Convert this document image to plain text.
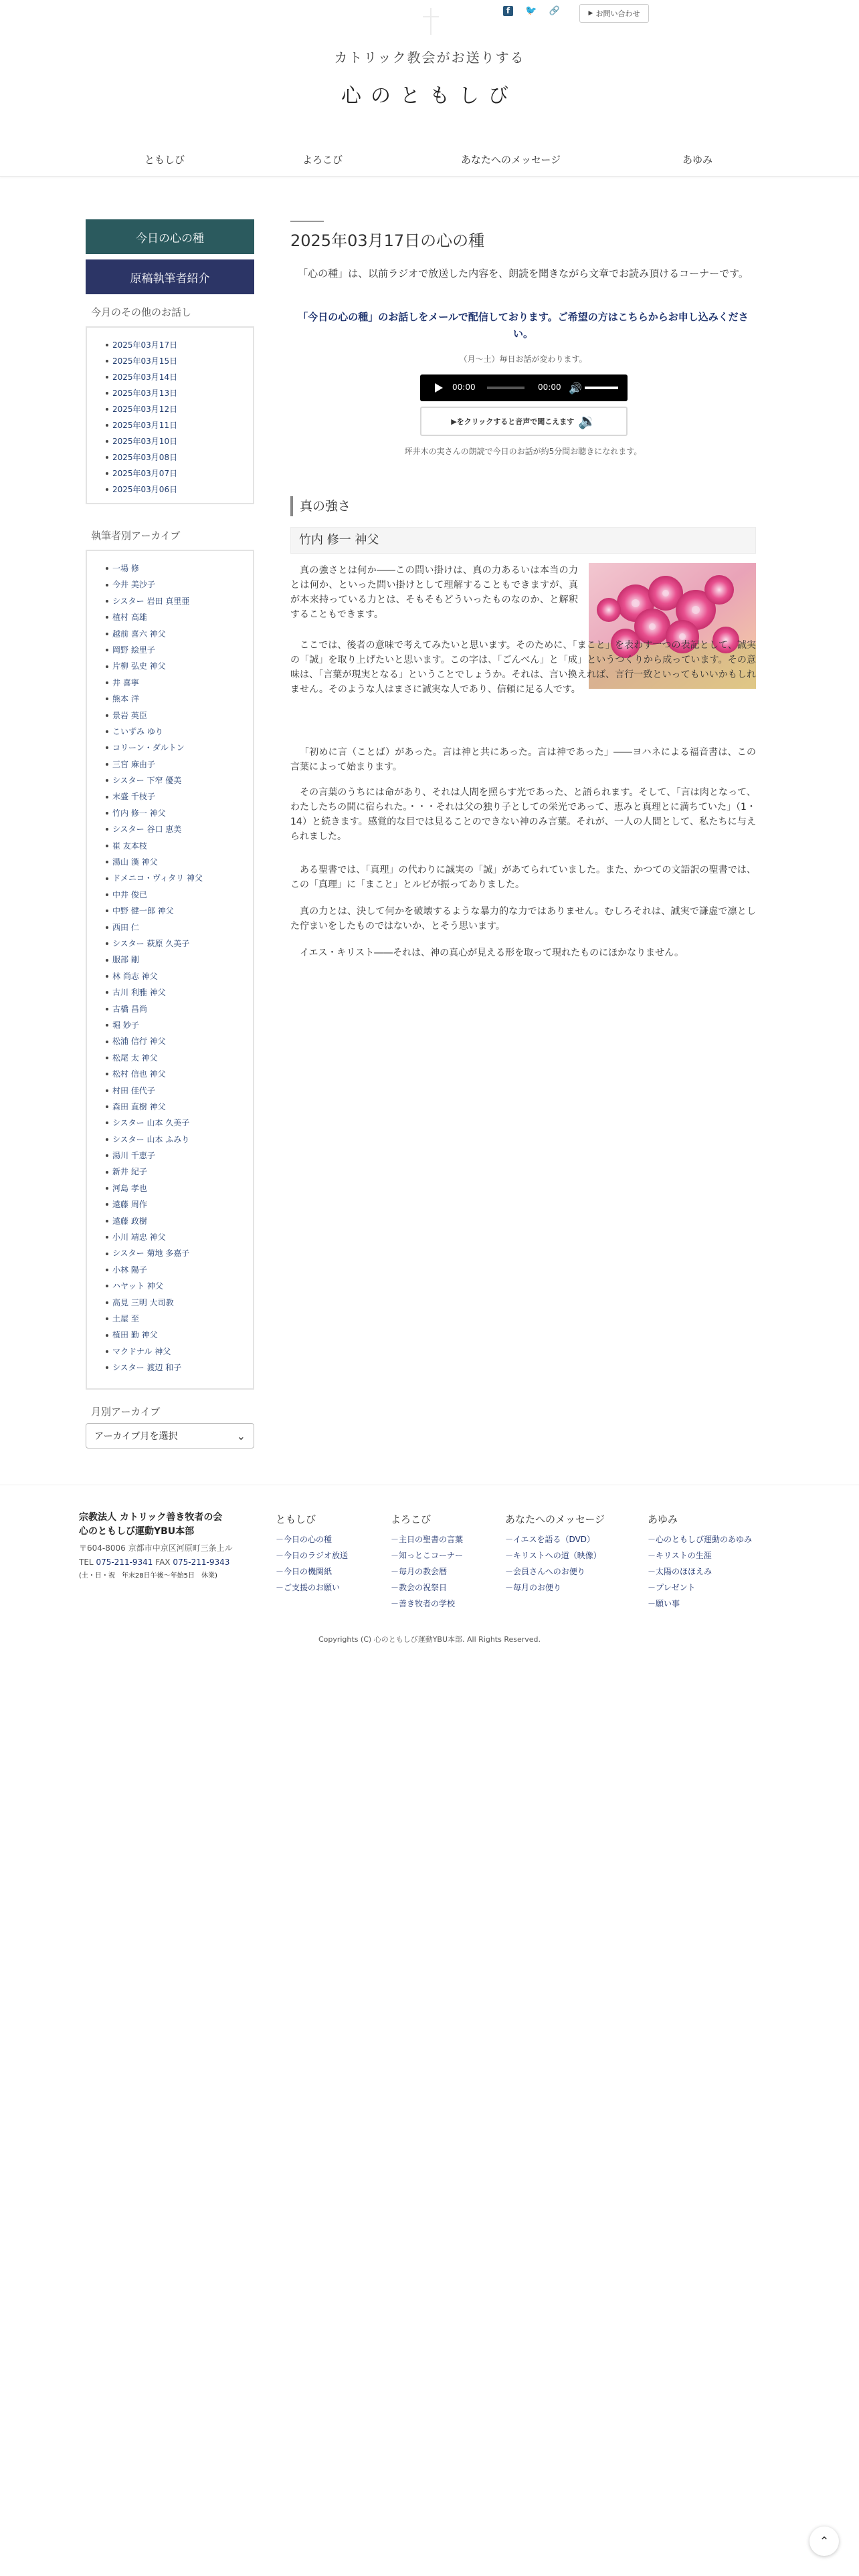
f	🐦 🔗	▶ お問い合わせ
カトリック教会がお送りする
心のともしび
ともしび	よろこび	あなたへのメッセージ	あゆみ
今日の心の種
原稿執筆者紹介
今月のその他のお話し
2025年03月17日
2025年03月15日
2025年03月14日
2025年03月13日
2025年03月12日
2025年03月11日
2025年03月10日
2025年03月08日
2025年03月07日
2025年03月06日
執筆者別アーカイブ
一場 修
今井 美沙子
シスター 岩田 真里亜
植村 高雄
越前 喜六 神父
岡野 絵里子
片柳 弘史 神父
井 喜寧
熊本 洋
景岩 英臣
こいずみ ゆり
コリーン・ダルトン
三宮 麻由子
シスター 下窄 優美
末盛 千枝子
竹内 修一 神父
シスター 谷口 恵美
崔 友本枝
湯山 漢 神父
ドメニコ・ヴィタリ 神父
中井 俊已
中野 健一郎 神父
西田 仁
シスター 萩原 久美子
服部 剛
林 尚志 神父
古川 利雅 神父
古橋 昌尚
堀 妙子
松浦 信行 神父
松尾 太 神父
松村 信也 神父
村田 佳代子
森田 直樹 神父
シスター 山本 久美子
シスター 山本 ふみり
湯川 千恵子
新井 紀子
河島 孝也
遠藤 周作
遠藤 政樹
小川 靖忠 神父
シスター 菊地 多嘉子
小林 陽子
ハヤット 神父
高見 三明 大司教
土屋 至
植田 勤 神父
マクドナル 神父
シスター 渡辺 和子
月別アーカイブ
アーカイブ月を選択	⌄
2025年03月17日の心の種
「心の種」は、以前ラジオで放送した内容を、朗読を聞きながら文章でお読み頂けるコーナーです。
「今日の心の種」のお話しをメールで配信しております。ご希望の方はこちらからお申し込みください。
（月〜土）毎日お話が変わります。
00:00	00:00 🔊
▶をクリックすると音声で聞こえます 🔉
坪井木の実さんの朗読で今日のお話が約5分間お聴きになれます。
真の強さ
竹内 修一 神父
真の強さとは何か――この問い掛けは、真の力あるいは本当の力とは何か、といった問い掛けとして理解することもできますが、真が本来持っている力とは、そもそもどういったものなのか、と解釈することもできます。
ここでは、後者の意味で考えてみたいと思います。そのために、「まこと」を表わす一つの表記として、誠実の「誠」を取り上げたいと思います。この字は、「ごんべん」と「成」というつくりから成っています。その意味は、「言葉が現実となる」ということでしょうか。それは、言い換えれば、言行一致といってもいいかもしれません。そのような人はまさに誠実な人であり、信頼に足る人です。
「初めに言（ことば）があった。言は神と共にあった。言は神であった」――ヨハネによる福音書は、この言葉によって始まります。
その言葉のうちには命があり、それは人間を照らす光であった、と語られます。そして、「言は肉となって、わたしたちの間に宿られた。・・・それは父の独り子としての栄光であって、恵みと真理とに満ちていた」（1・14）と続きます。感覚的な目では見ることのできない神のみ言葉。それが、一人の人間として、私たちに与えられました。
ある聖書では、「真理」の代わりに誠実の「誠」があてられていました。また、かつての文語訳の聖書では、この「真理」に「まこと」とルビが振ってありました。
真の力とは、決して何かを破壊するような暴力的な力ではありません。むしろそれは、誠実で謙虚で凛とした佇まいをしたものではないか、とそう思います。
イエス・キリスト――それは、神の真心が見える形を取って現れたものにほかなりません。
宗教法人 カトリック善き牧者の会
心のともしび運動YBU本部
〒604-8006 京都市中京区河原町三条上ル
TEL 075-211-9341 FAX 075-211-9343
(土・日・祝　年末28日午後〜年始5日　休業)
ともしび
－今日の心の種
－今日のラジオ放送
－今日の機関紙
－ご支援のお願い
よろこび
－主日の聖書の言葉
－知っとこコーナー
－毎月の教会暦
－教会の祝祭日
－善き牧者の学校
あなたへのメッセージ
－イエスを語る（DVD）
－キリストへの道（映像）
－会員さんへのお便り
－毎月のお便り
あゆみ
－心のともしび運動のあゆみ
－キリストの生涯
－太陽のほほえみ
－プレゼント
－願い事
Copyrights (C) 心のともしび運動YBU本部. All Rights Reserved.
⌃
